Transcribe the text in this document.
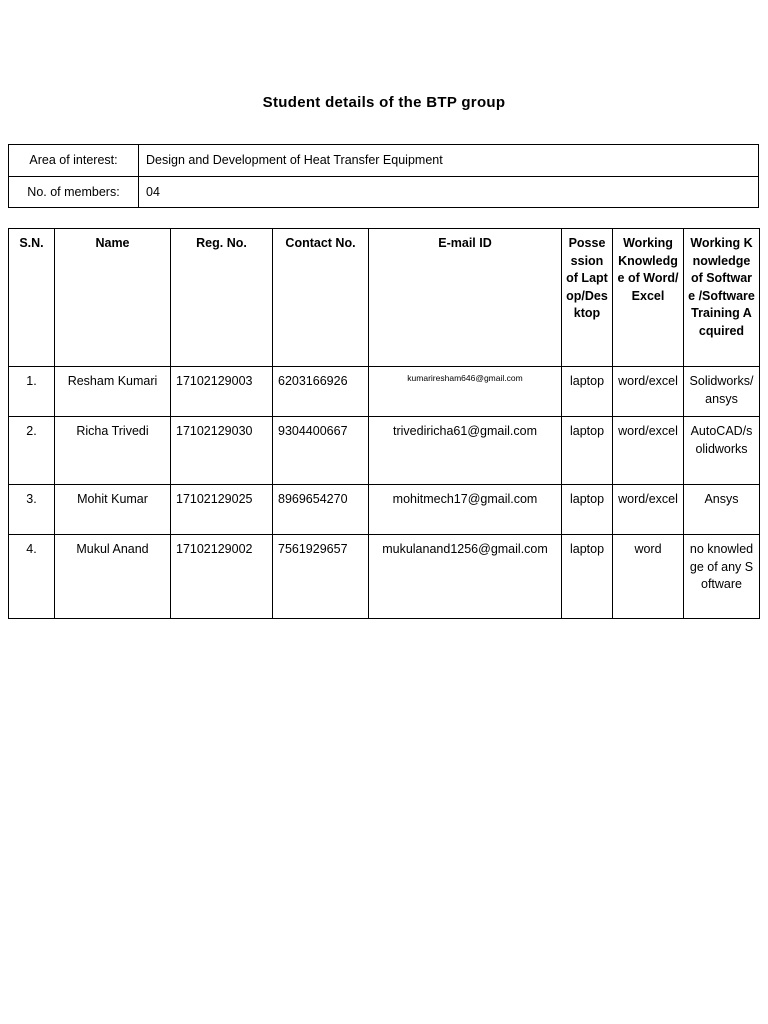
Student details of the BTP group
Area of interest:	Design and Development of Heat Transfer Equipment
No. of members:	04
S.N.	Name	Reg. No.	Contact No.	E-mail ID	Possession of Laptop/Desktop	Working Knowledge of Word/Excel	Working Knowledge of Software /Software Training Acquired
1.	Resham Kumari	17102129003	6203166926	kumariresham646@gmail.com	laptop	word/excel	Solidworks/ansys
2.	Richa Trivedi	17102129030	9304400667	trivediricha61@gmail.com	laptop	word/excel	AutoCAD/solidworks
3.	Mohit Kumar	17102129025	8969654270	mohitmech17@gmail.com	laptop	word/excel	Ansys
4.	Mukul Anand	17102129002	7561929657	mukulanand1256@gmail.com	laptop	word	no knowledge of any Software
